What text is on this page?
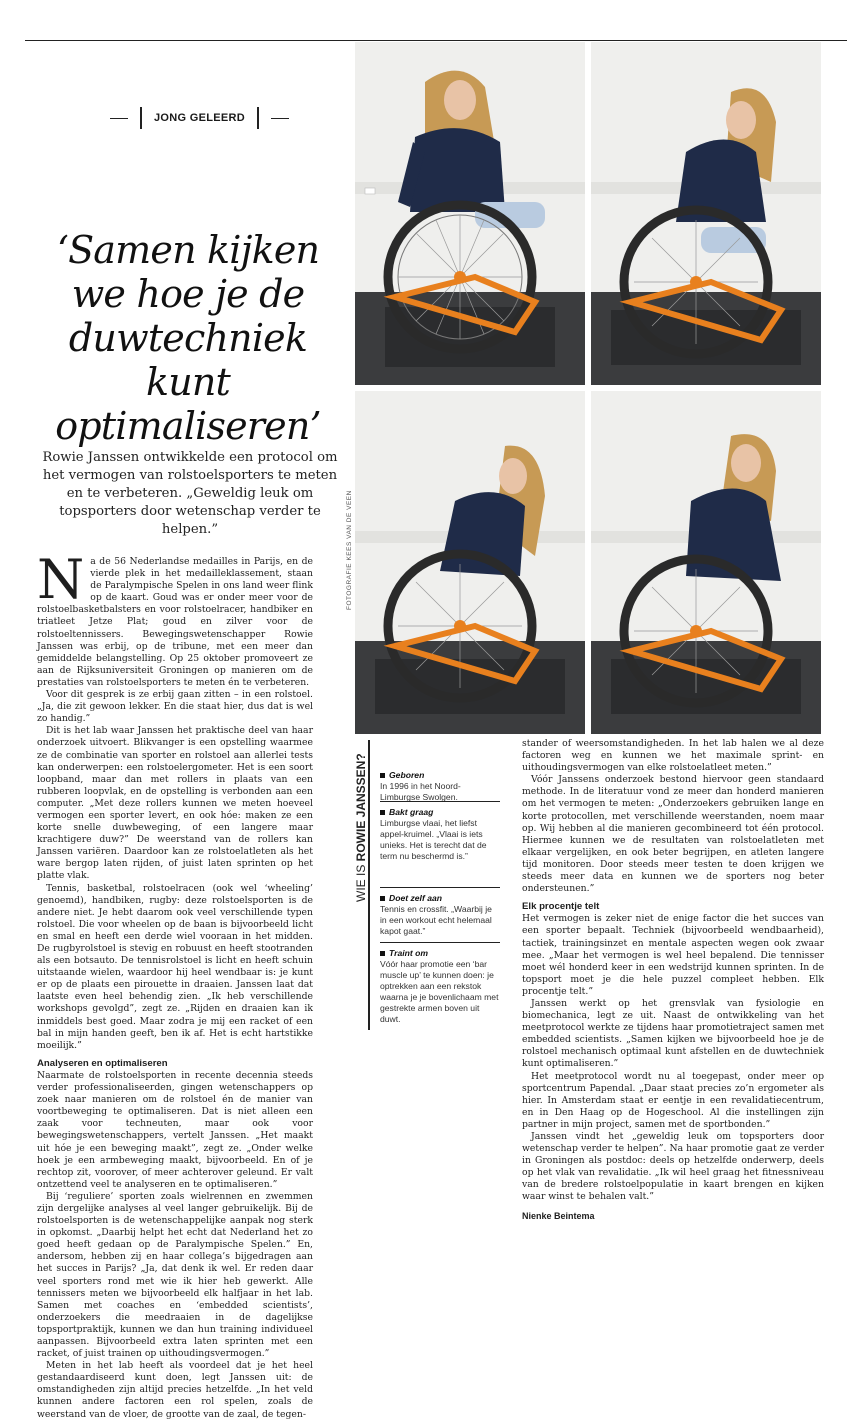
JONG GELEERD
‘Samen kijken we hoe je de duwtechniek kunt optimaliseren’
Rowie Janssen ontwikkelde een protocol om het vermogen van rolstoelsporters te meten en te verbeteren. „Geweldig leuk om topsporters door wetenschap verder te helpen.”	FOTOGRAFIE KEES VAN DE VEEN
N a de 56 Nederlandse medailles in Parijs, en de vierde plek in het medailleklassement, staan de Paralympische Spelen in ons land weer flink op de kaart. Goud was er onder meer voor de rolstoelbasketbalsters en voor rolstoelracer, handbiker en triatleet Jetze Plat; goud en zilver voor de rolstoeltennissers. Bewegingswetenschapper Rowie Janssen was erbij, op de tribune, met een meer dan gemiddelde belangstelling. Op 25 oktober promoveert ze aan de Rijksuniversiteit Groningen op manieren om de prestaties van rolstoelsporters te meten én te verbeteren.

Voor dit gesprek is ze erbij gaan zitten – in een rolstoel. „Ja, die zit gewoon lekker. En die staat hier, dus dat is wel zo handig.”

Dit is het lab waar Janssen het praktische deel van haar onderzoek uitvoert. Blikvanger is een opstelling waarmee ze de combinatie van sporter en rolstoel aan allerlei tests kan onderwerpen: een rolstoelergometer. Het is een soort loopband, maar dan met rollers in plaats van een rubberen loopvlak, en de opstelling is verbonden aan een computer. „Met deze rollers kunnen we meten hoeveel vermogen een sporter levert, en ook hóe: maken ze een korte snelle duwbeweging, of een langere maar krachtigere duw?” De weerstand van de rollers kan Janssen variëren. Daardoor kan ze rolstoelatleten als het ware bergop laten rijden, of juist laten sprinten op het platte vlak.

Tennis, basketbal, rolstoelracen (ook wel ‘wheeling’ genoemd), handbiken, rugby: deze rolstoelsporten is de andere niet. Je hebt daarom ook veel verschillende typen rolstoel. Die voor wheelen op de baan is bijvoorbeeld licht en smal en heeft een derde wiel vooraan in het midden. De rugbyrolstoel is stevig en robuust en heeft stootranden als een botsauto. De tennisrolstoel is licht en heeft schuin uitstaande wielen, waardoor hij heel wendbaar is: je kunt er op de plaats een pirouette in draaien. Janssen laat dat laatste even heel behendig zien. „Ik heb verschillende workshops gevolgd”, zegt ze. „Rijden en draaien kan ik inmiddels best goed. Maar zodra je mij een racket of een bal in mijn handen geeft, ben ik af. Het is echt hartstikke moeilijk.”

Analyseren en optimaliseren

Naarmate de rolstoelsporten in recente decennia steeds verder professionaliseerden, gingen wetenschappers op zoek naar manieren om de rolstoel én de manier van voortbeweging te optimaliseren. Dat is niet alleen een zaak voor techneuten, maar ook voor bewegingswetenschappers, vertelt Janssen. „Het maakt uit hóe je een beweging maakt”, zegt ze. „Onder welke hoek je een armbeweging maakt, bijvoorbeeld. En of je rechtop zit, voorover, of meer achterover geleund. Er valt ontzettend veel te analyseren en te optimaliseren.”

Bij ‘reguliere’ sporten zoals wielrennen en zwemmen zijn dergelijke analyses al veel langer gebruikelijk. Bij de rolstoelsporten is de wetenschappelijke aanpak nog sterk in opkomst. „Daarbij helpt het echt dat Nederland het zo goed heeft gedaan op de Paralympische Spelen.” En, andersom, hebben zij en haar collega’s bijgedragen aan het succes in Parijs? „Ja, dat denk ik wel. Er reden daar veel sporters rond met wie ik hier heb gewerkt. Alle tennissers meten we bijvoorbeeld elk halfjaar in het lab. Samen met coaches en ‘embedded scientists’, onderzoekers die meedraaien in de dagelijkse topsportpraktijk, kunnen we dan hun training individueel aanpassen. Bijvoorbeeld extra laten sprinten met een racket, of juist trainen op uithoudingsvermogen.”

Meten in het lab heeft als voordeel dat je het heel gestandaardiseerd kunt doen, legt Janssen uit: de omstandigheden zijn altijd precies hetzelfde. „In het veld kunnen andere factoren een rol spelen, zoals de weerstand van de vloer, de grootte van de zaal, de tegen-

WIE IS ROWIE JANSSEN?	Geboren
In 1996 in het Noord-Limburgse Swolgen.
Bakt graag
Limburgse vlaai, het liefst appel-kruimel. „Vlaai is iets unieks. Het is terecht dat de term nu beschermd is.”
Doet zelf aan
Tennis en crossfit. „Waarbij je in een workout echt helemaal kapot gaat.”
Traint om
Vóór haar promotie een ‘bar muscle up’ te kunnen doen: je optrekken aan een rekstok waarna je je bovenlichaam met gestrekte armen boven uit duwt.

stander of weersomstandigheden. In het lab halen we al deze factoren weg en kunnen we het maximale sprint- en uithoudingsvermogen van elke rolstoelatleet meten.”

Vóór Janssens onderzoek bestond hiervoor geen standaard methode. In de literatuur vond ze meer dan honderd manieren om het vermogen te meten: „Onderzoekers gebruiken lange en korte protocollen, met verschillende weerstanden, noem maar op. Wij hebben al die manieren gecombineerd tot één protocol. Hiermee kunnen we de resultaten van rolstoelatleten met elkaar vergelijken, en ook beter begrijpen, en atleten langere tijd monitoren. Door steeds meer testen te doen krijgen we steeds meer data en kunnen we de sporters nog beter ondersteunen.”

Elk procentje telt

Het vermogen is zeker niet de enige factor die het succes van een sporter bepaalt. Techniek (bijvoorbeeld wendbaarheid), tactiek, trainingsinzet en mentale aspecten wegen ook zwaar mee. „Maar het vermogen is wel heel bepalend. Die tennisser moet wél honderd keer in een wedstrijd kunnen sprinten. In de topsport moet je die hele puzzel compleet hebben. Elk procentje telt.”

Janssen werkt op het grensvlak van fysiologie en biomechanica, legt ze uit. Naast de ontwikkeling van het meetprotocol werkte ze tijdens haar promotietraject samen met embedded scientists. „Samen kijken we bijvoorbeeld hoe je de rolstoel mechanisch optimaal kunt afstellen en de duwtechniek kunt optimaliseren.”

Het meetprotocol wordt nu al toegepast, onder meer op sportcentrum Papendal. „Daar staat precies zo’n ergometer als hier. In Amsterdam staat er eentje in een revalidatiecentrum, en in Den Haag op de Hogeschool. Al die instellingen zijn partner in mijn project, samen met de sportbonden.”

Janssen vindt het „geweldig leuk om topsporters door wetenschap verder te helpen”. Na haar promotie gaat ze verder in Groningen als postdoc: deels op hetzelfde onderwerp, deels op het vlak van revalidatie. „Ik wil heel graag het fitnessniveau van de bredere rolstoelpopulatie in kaart brengen en kijken waar winst te behalen valt.”

Nienke Beintema
